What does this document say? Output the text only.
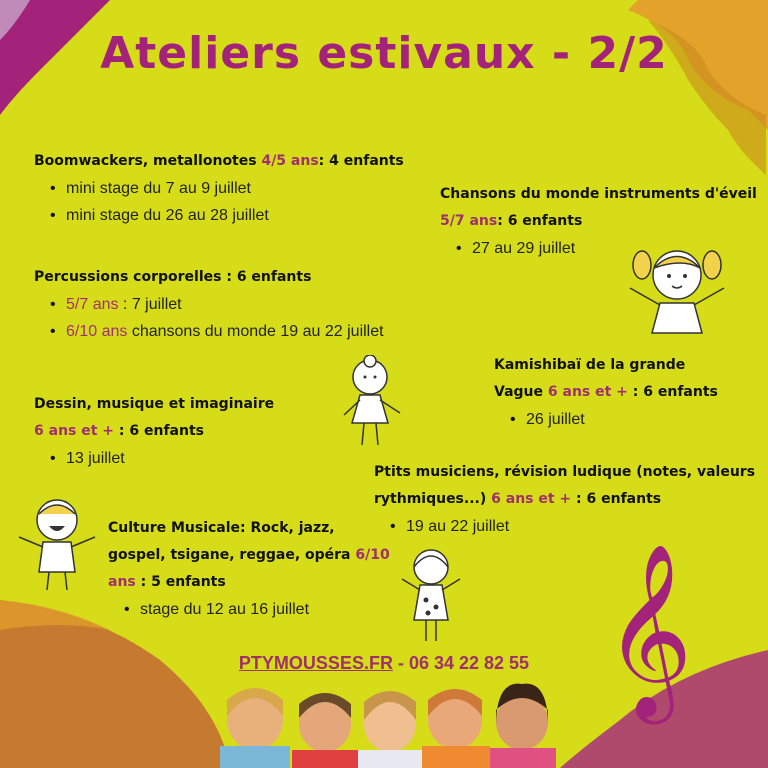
Ateliers estivaux - 2/2
Boomwackers, metallonotes 4/5 ans: 4 enfants
• mini stage du 7 au 9 juillet
• mini stage du 26 au 28 juillet
Chansons du monde instruments d'éveil
5/7 ans: 6 enfants
• 27 au 29 juillet
Percussions corporelles : 6 enfants
• 5/7 ans : 7 juillet
• 6/10 ans chansons du monde 19 au 22 juillet
Kamishibaï de la grande
Vague 6 ans et + : 6 enfants
• 26 juillet
Dessin, musique et imaginaire
6 ans et + : 6 enfants
• 13 juillet
Ptits musiciens, révision ludique (notes, valeurs
rythmiques...) 6 ans et + : 6 enfants
• 19 au 22 juillet
Culture Musicale: Rock, jazz,
gospel, tsigane, reggae, opéra 6/10
ans : 5 enfants
• stage du 12 au 16 juillet	𝄞
PTYMOUSSES.FR - 06 34 22 82 55
